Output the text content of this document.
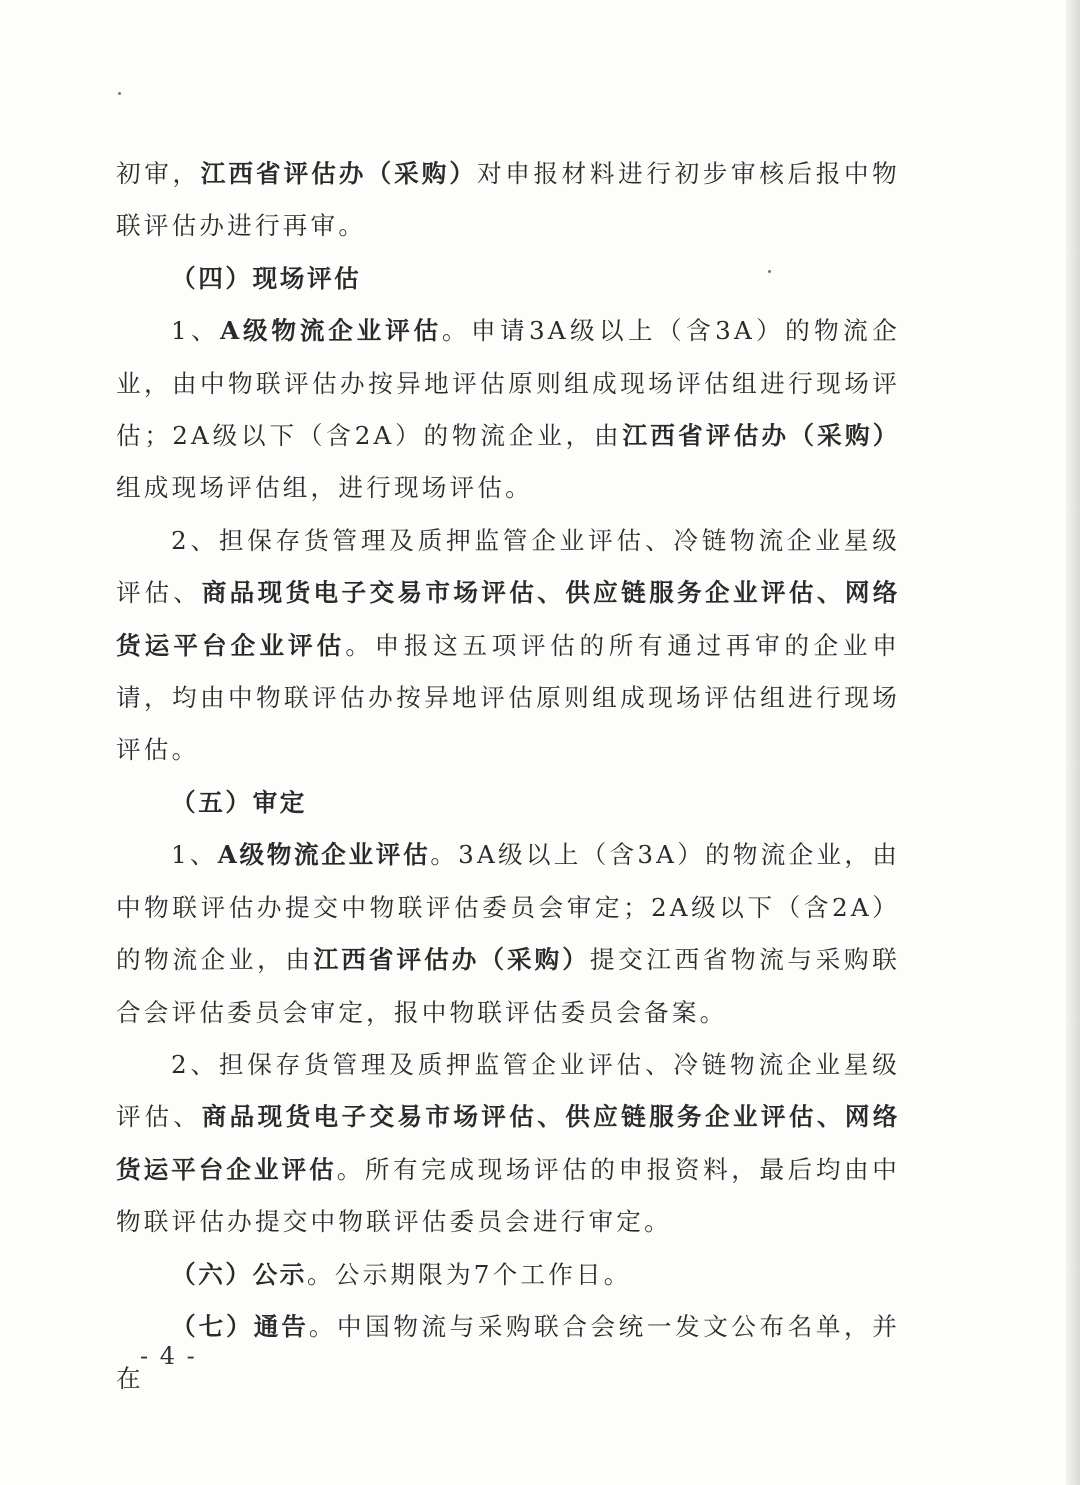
初审，江西省评估办（采购）对申报材料进行初步审核后报中物联评估办进行再审。

（四）现场评估

1、A级物流企业评估。申请3A级以上（含3A）的物流企业，由中物联评估办按异地评估原则组成现场评估组进行现场评估；2A级以下（含2A）的物流企业，由江西省评估办（采购）组成现场评估组，进行现场评估。

2、担保存货管理及质押监管企业评估、冷链物流企业星级评估、商品现货电子交易市场评估、供应链服务企业评估、网络货运平台企业评估。申报这五项评估的所有通过再审的企业申请，均由中物联评估办按异地评估原则组成现场评估组进行现场评估。

（五）审定

1、A级物流企业评估。3A级以上（含3A）的物流企业，由中物联评估办提交中物联评估委员会审定；2A级以下（含2A）的物流企业，由江西省评估办（采购）提交江西省物流与采购联合会评估委员会审定，报中物联评估委员会备案。

2、担保存货管理及质押监管企业评估、冷链物流企业星级评估、商品现货电子交易市场评估、供应链服务企业评估、网络货运平台企业评估。所有完成现场评估的申报资料，最后均由中物联评估办提交中物联评估委员会进行审定。

（六）公示。公示期限为7个工作日。

（七）通告。中国物流与采购联合会统一发文公布名单，并在

- 4 -
